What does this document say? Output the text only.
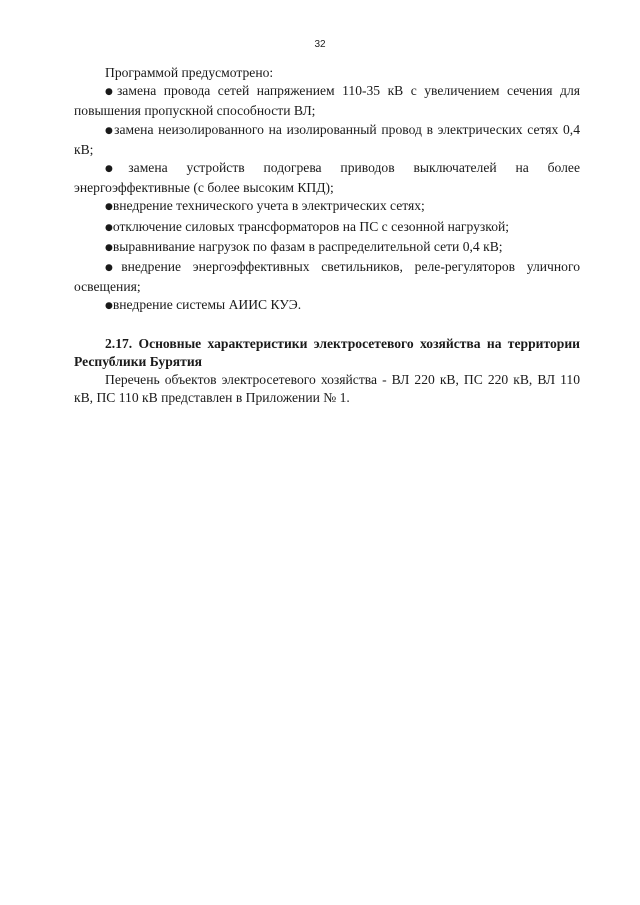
32

Программой предусмотрено:

●замена провода сетей напряжением 110-35 кВ с увеличением сечения для повышения пропускной способности ВЛ;

●замена неизолированного на изолированный провод в электрических сетях 0,4 кВ;

●замена устройств подогрева приводов выключателей на более энергоэффективные (с более высоким КПД);

●внедрение технического учета в электрических сетях;

●отключение силовых трансформаторов на ПС с сезонной нагрузкой;

●выравнивание нагрузок по фазам в распределительной сети 0,4 кВ;

●внедрение энергоэффективных светильников, реле-регуляторов уличного освещения;

●внедрение системы АИИС КУЭ.

2.17. Основные характеристики электросетевого хозяйства на территории Республики Бурятия

Перечень объектов электросетевого хозяйства - ВЛ 220 кВ, ПС 220 кВ, ВЛ 110 кВ, ПС 110 кВ представлен в Приложении № 1.
